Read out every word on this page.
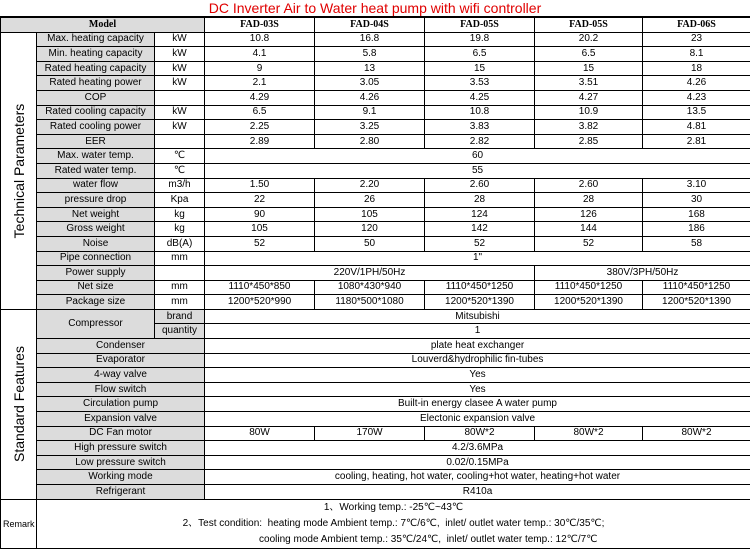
DC Inverter Air to Water heat pump with wifi controller
Model			FAD-03S	FAD-04S	FAD-05S	FAD-05S	FAD-06S

Technical Parameters	Max. heating capacity	kW	10.8	16.8	19.8	20.2	23
	Min. heating capacity	kW	4.1	5.8	6.5	6.5	8.1
	Rated heating capacity	kW	9	13	15	15	18
	Rated heating power	kW	2.1	3.05	3.53	3.51	4.26
	COP		4.29	4.26	4.25	4.27	4.23
	Rated cooling capacity	kW	6.5	9.1	10.8	10.9	13.5
	Rated cooling power	kW	2.25	3.25	3.83	3.82	4.81
	EER		2.89	2.80	2.82	2.85	2.81
	Max. water temp.	℃	60				
	Rated water temp.	℃	55				
	water flow	m3/h	1.50	2.20	2.60	2.60	3.10
	pressure drop	Kpa	22	26	28	28	30
	Net weight	kg	90	105	124	126	168
	Gross weight	kg	105	120	142	144	186
	Noise	dB(A)	52	50	52	52	58
	Pipe connection	mm	1"				
	Power supply		220V/1PH/50Hz			380V/3PH/50Hz	
	Net size	mm	1110*450*850	1080*430*940	1110*450*1250	1110*450*1250	1110*450*1250
	Package size	mm	1200*520*990	1180*500*1080	1200*520*1390	1200*520*1390	1200*520*1390

Standard Features	Compressor	brand	Mitsubishi				
		quantity	1				
	Condenser		plate heat exchanger				
	Evaporator		Louverd&hydrophilic fin-tubes				
	4-way valve		Yes				
	Flow switch		Yes				
	Circulation pump		Built-in energy clasee A water pump				
	Expansion valve		Electonic expansion valve				
	DC Fan motor		80W	170W	80W*2	80W*2	80W*2
	High pressure switch		4.2/3.6MPa				
	Low pressure switch		0.02/0.15MPa				
	Working mode		cooling, heating, hot water, cooling+hot water, heating+hot water				
	Refrigerant		R410a				
Remark	1、Working temp.: -25℃~43℃
2、Test condition:  heating mode Ambient temp.: 7℃/6℃,  inlet/ outlet water temp.: 30℃/35℃;
cooling mode Ambient temp.: 35℃/24℃,  inlet/ outlet water temp.: 12℃/7℃						
